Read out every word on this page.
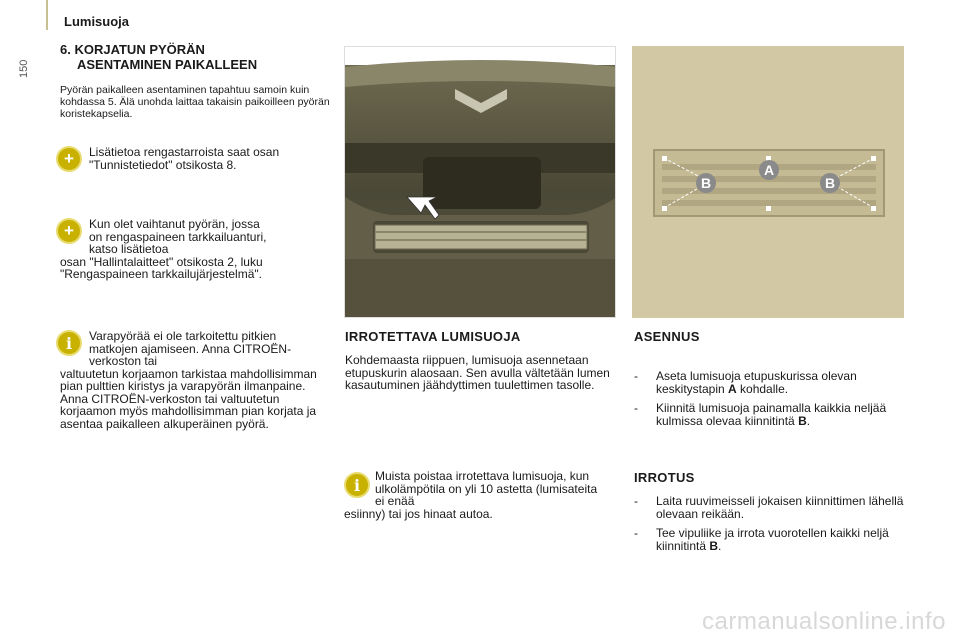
Lumisuoja
150
6. KORJATUN PYÖRÄN
ASENTAMINEN PAIKALLEEN
Pyörän paikalleen asentaminen tapahtuu samoin kuin kohdassa 5. Älä unohda laittaa takaisin paikoilleen pyörän koristekapselia.
+	Lisätietoa rengastarroista saat osan "Tunnistetiedot" otsikosta 8.
+	Kun olet vaihtanut pyörän, jossa on rengaspaineen tarkkailuanturi, katso lisätietoa
osan "Hallintalaitteet" otsikosta 2, luku "Rengaspaineen tarkkailujärjestelmä".
i	Varapyörää ei ole tarkoitettu pitkien matkojen ajamiseen. Anna CITROËN-verkoston tai
valtuutetun korjaamon tarkistaa mahdollisimman pian pulttien kiristys ja varapyörän ilmanpaine. Anna CITROËN-verkoston tai valtuutetun korjaamon myös mahdollisimman pian korjata ja asentaa paikalleen alkuperäinen pyörä.
IRROTETTAVA LUMISUOJA
Kohdemaasta riippuen, lumisuoja asennetaan etupuskurin alaosaan. Sen avulla vältetään lumen kasautuminen jäähdyttimen tuulettimen tasolle.
i	Muista poistaa irrotettava lumisuoja, kun ulkolämpötila on yli 10 astetta (lumisateita ei enää
esiinny) tai jos hinaat autoa.
B
A
B
ASENNUS
- Aseta lumisuoja etupuskurissa olevan keskitystapin A kohdalle.
- Kiinnitä lumisuoja painamalla kaikkia neljää kulmissa olevaa kiinnitintä B.
IRROTUS
- Laita ruuvimeisseli jokaisen kiinnittimen lähellä olevaan reikään.
- Tee vipuliike ja irrota vuorotellen kaikki neljä kiinnitintä B.
carmanualsonline.info
